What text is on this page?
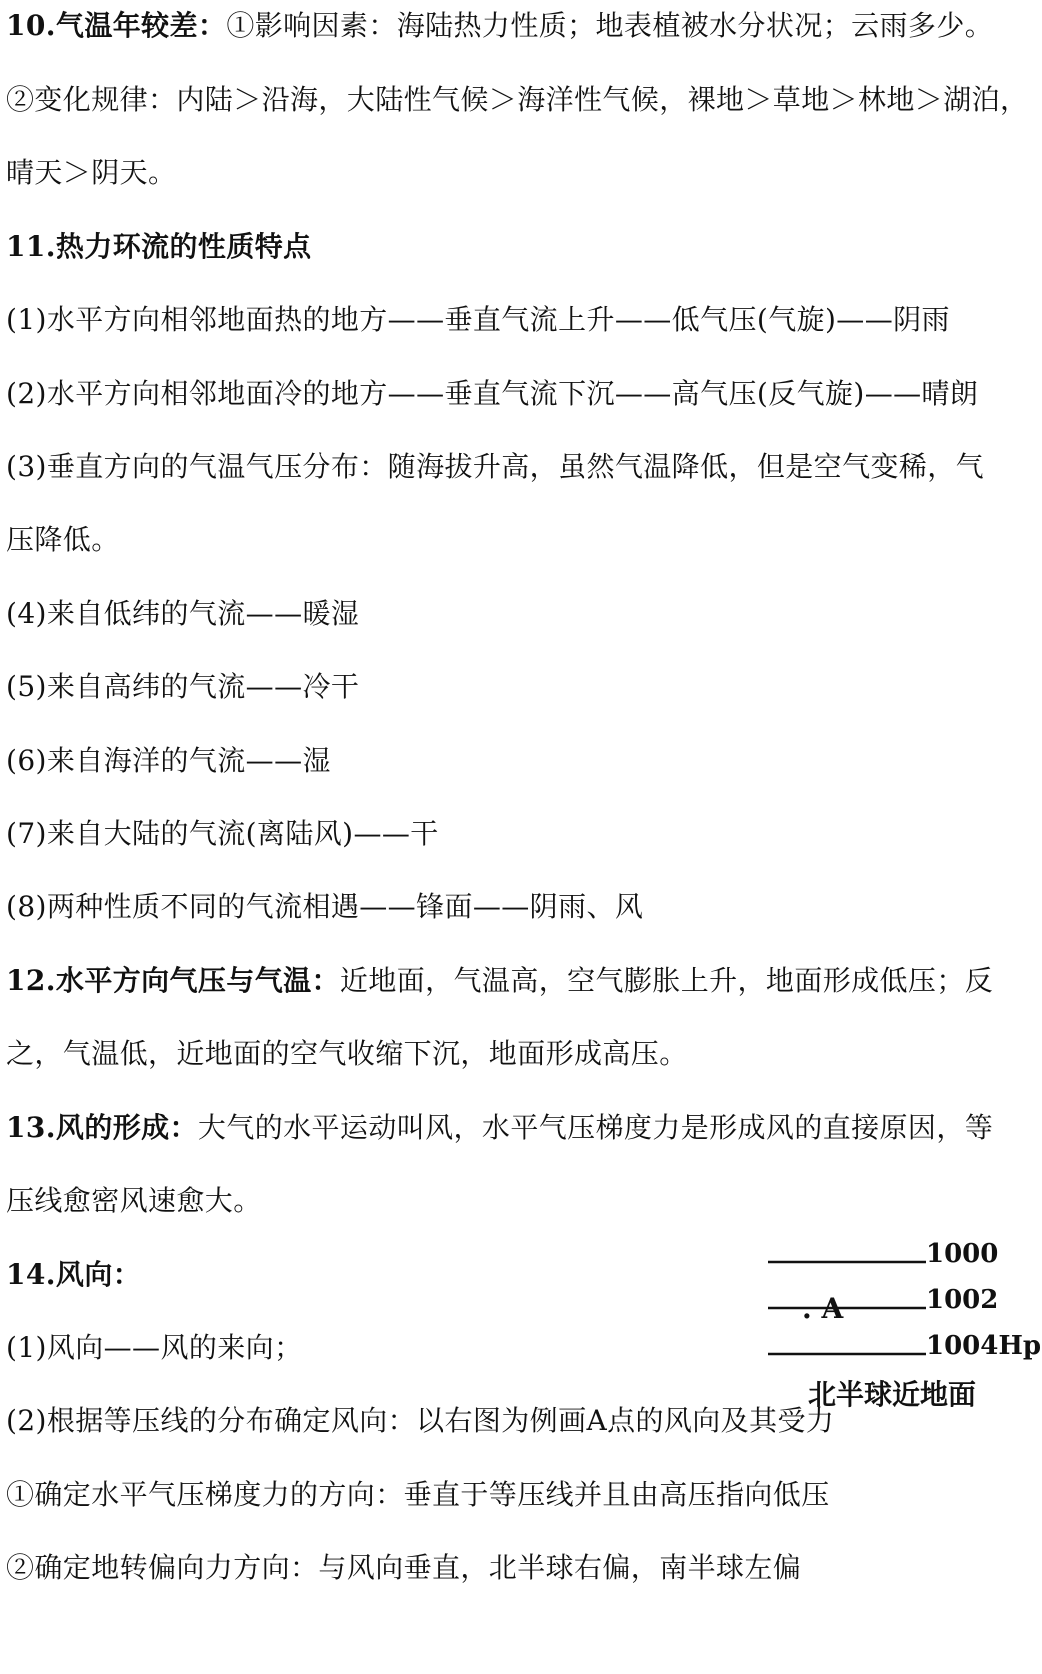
10.气温年较差：①影响因素：海陆热力性质；地表植被水分状况；云雨多少。
②变化规律：内陆＞沿海，大陆性气候＞海洋性气候，裸地＞草地＞林地＞湖泊，
晴天＞阴天。
11.热力环流的性质特点
(1)水平方向相邻地面热的地方——垂直气流上升——低气压(气旋)——阴雨
(2)水平方向相邻地面冷的地方——垂直气流下沉——高气压(反气旋)——晴朗
(3)垂直方向的气温气压分布：随海拔升高，虽然气温降低，但是空气变稀，气
压降低。
(4)来自低纬的气流——暖湿
(5)来自高纬的气流——冷干
(6)来自海洋的气流——湿
(7)来自大陆的气流(离陆风)——干
(8)两种性质不同的气流相遇——锋面——阴雨、风
12.水平方向气压与气温：近地面，气温高，空气膨胀上升，地面形成低压；反
之，气温低，近地面的空气收缩下沉，地面形成高压。
13.风的形成：大气的水平运动叫风，水平气压梯度力是形成风的直接原因，等
压线愈密风速愈大。
14.风向：
(1)风向——风的来向；
(2)根据等压线的分布确定风向：以右图为例画A点的风向及其受力
①确定水平气压梯度力的方向：垂直于等压线并且由高压指向低压
②确定地转偏向力方向：与风向垂直，北半球右偏，南半球左偏
1000
1002
. A
1004Hp
北半球近地面
